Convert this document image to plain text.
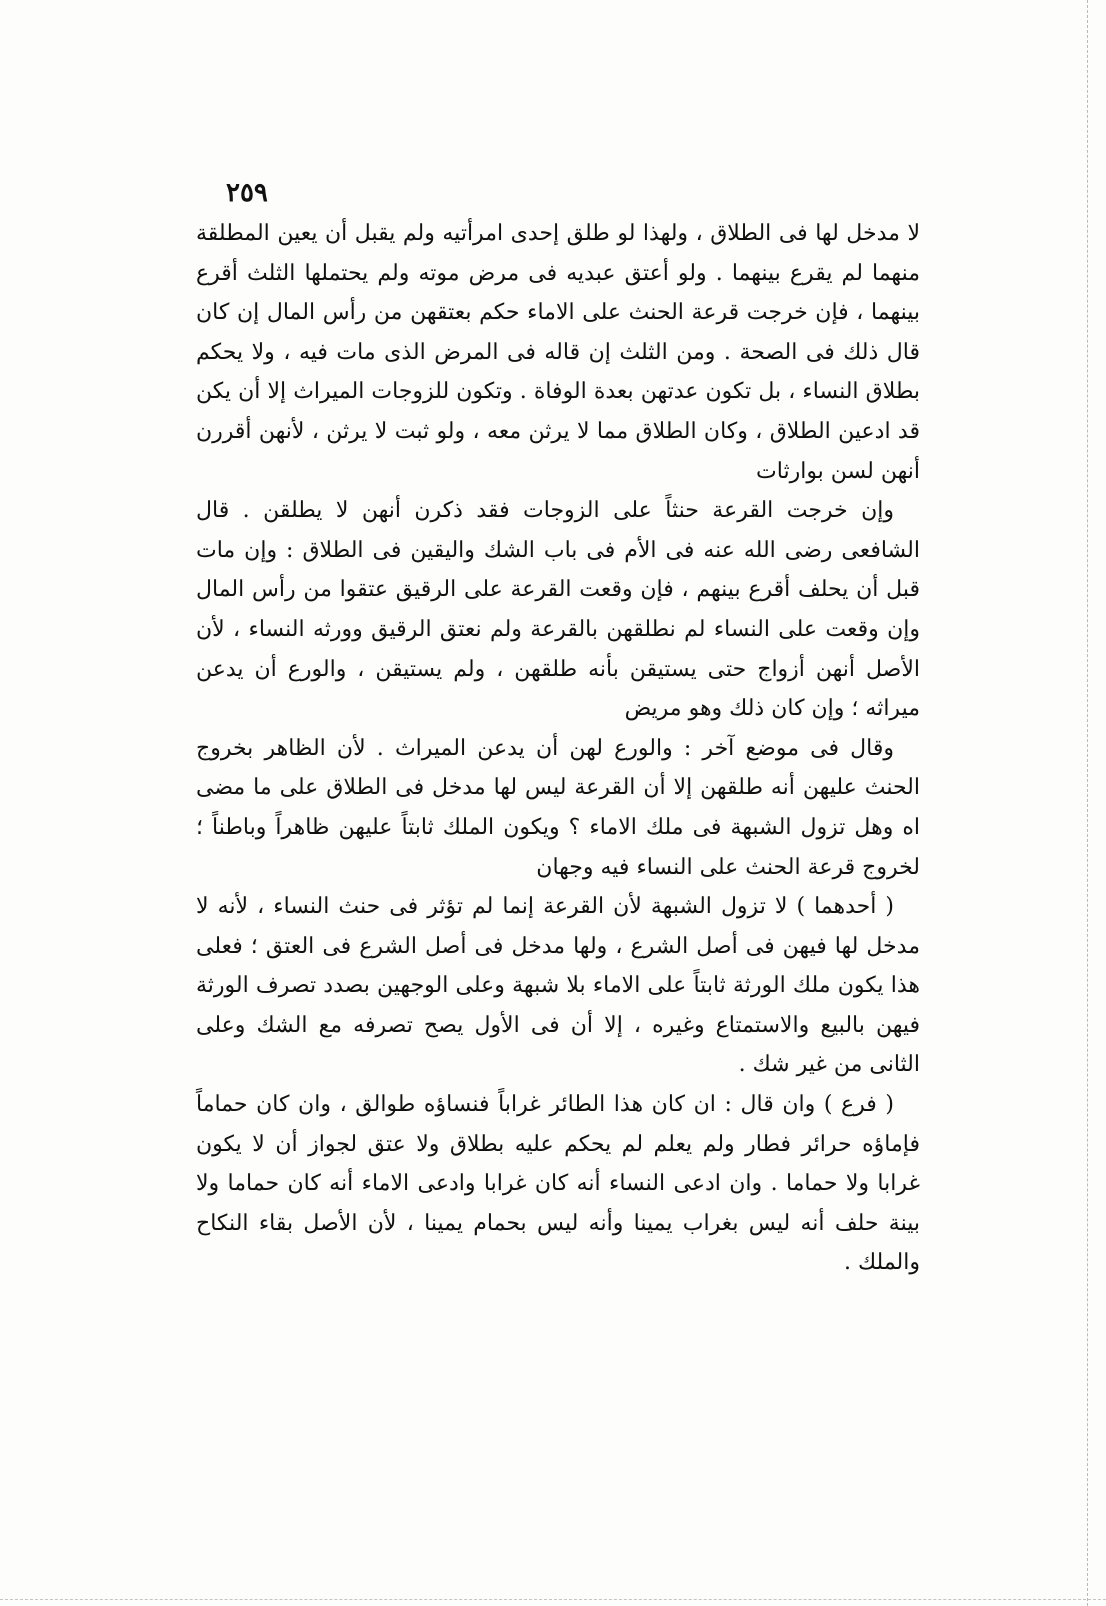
٢٥٩

لا مدخل لها فى الطلاق ، ولهذا لو طلق إحدى امرأتيه ولم يقبل أن يعين المطلقة منهما لم يقرع بينهما . ولو أعتق عبديه فى مرض موته ولم يحتملها الثلث أقرع بينهما ، فإن خرجت قرعة الحنث على الاماء حكم بعتقهن من رأس المال إن كان قال ذلك فى الصحة . ومن الثلث إن قاله فى المرض الذى مات فيه ، ولا يحكم بطلاق النساء ، بل تكون عدتهن بعدة الوفاة . وتكون للزوجات الميراث إلا أن يكن قد ادعين الطلاق ، وكان الطلاق مما لا يرثن معه ، ولو ثبت لا يرثن ، لأنهن أقررن أنهن لسن بوارثات

وإن خرجت القرعة حنثاً على الزوجات فقد ذكرن أنهن لا يطلقن . قال الشافعى رضى الله عنه فى الأم فى باب الشك واليقين فى الطلاق : وإن مات قبل أن يحلف أقرع بينهم ، فإن وقعت القرعة على الرقيق عتقوا من رأس المال وإن وقعت على النساء لم نطلقهن بالقرعة ولم نعتق الرقيق وورثه النساء ، لأن الأصل أنهن أزواج حتى يستيقن بأنه طلقهن ، ولم يستيقن ، والورع أن يدعن ميراثه ؛ وإن كان ذلك وهو مريض

وقال فى موضع آخر : والورع لهن أن يدعن الميراث . لأن الظاهر بخروج الحنث عليهن أنه طلقهن إلا أن القرعة ليس لها مدخل فى الطلاق على ما مضى اه وهل تزول الشبهة فى ملك الاماء ؟ ويكون الملك ثابتاً عليهن ظاهراً وباطناً ؛ لخروج قرعة الحنث على النساء فيه وجهان

( أحدهما ) لا تزول الشبهة لأن القرعة إنما لم تؤثر فى حنث النساء ، لأنه لا مدخل لها فيهن فى أصل الشرع ، ولها مدخل فى أصل الشرع فى العتق ؛ فعلى هذا يكون ملك الورثة ثابتاً على الاماء بلا شبهة وعلى الوجهين بصدد تصرف الورثة فيهن بالبيع والاستمتاع وغيره ، إلا أن فى الأول يصح تصرفه مع الشك وعلى الثانى من غير شك .

( فرع ) وان قال : ان كان هذا الطائر غراباً فنساؤه طوالق ، وان كان حماماً فإماؤه حرائر فطار ولم يعلم لم يحكم عليه بطلاق ولا عتق لجواز أن لا يكون غرابا ولا حماما . وان ادعى النساء أنه كان غرابا وادعى الاماء أنه كان حماما ولا بينة حلف أنه ليس بغراب يمينا وأنه ليس بحمام يمينا ، لأن الأصل بقاء النكاح والملك .
